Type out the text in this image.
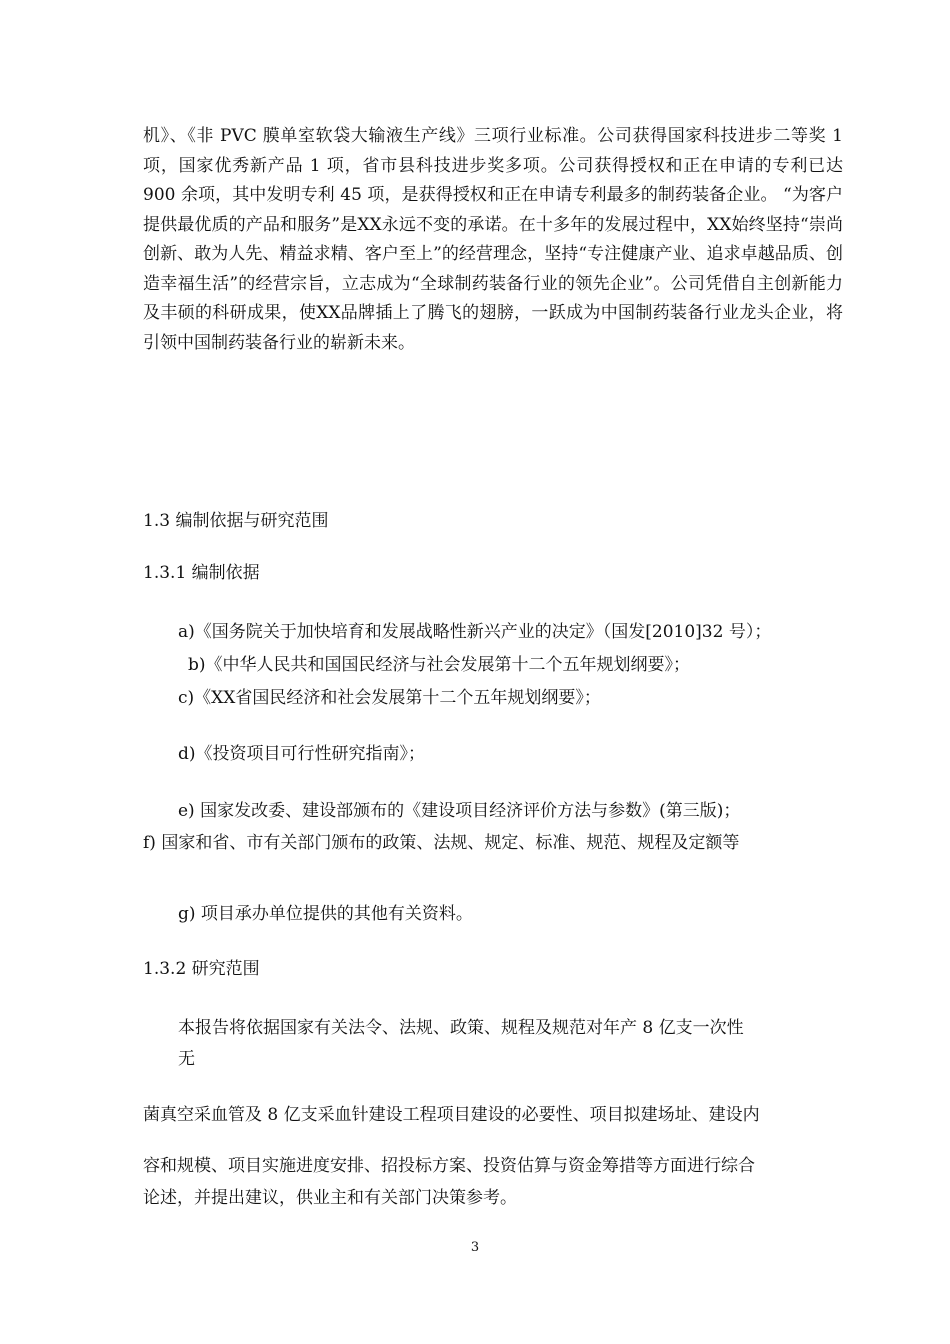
机》、《非 PVC 膜单室软袋大输液生产线》三项行业标准。公司获得国家科技进步二等奖 1 项，国家优秀新产品 1 项，省市县科技进步奖多项。公司获得授权和正在申请的专利已达 900 余项，其中发明专利 45 项，是获得授权和正在申请专利最多的制药装备企业。 “为客户提供最优质的产品和服务”是XX永远不变的承诺。在十多年的发展过程中，XX始终坚持“崇尚创新、敢为人先、精益求精、客户至上”的经营理念，坚持“专注健康产业、追求卓越品质、创造幸福生活”的经营宗旨，立志成为“全球制药装备行业的领先企业”。公司凭借自主创新能力及丰硕的科研成果，使XX品牌插上了腾飞的翅膀，一跃成为中国制药装备行业龙头企业，将引领中国制药装备行业的崭新未来。
1.3 编制依据与研究范围
1.3.1 编制依据
a)《国务院关于加快培育和发展战略性新兴产业的决定》（国发[2010]32 号）；
b)《中华人民共和国国民经济与社会发展第十二个五年规划纲要》；
c)《XX省国民经济和社会发展第十二个五年规划纲要》；
d)《投资项目可行性研究指南》；
e) 国家发改委、建设部颁布的《建设项目经济评价方法与参数》(第三版)；
f) 国家和省、市有关部门颁布的政策、法规、规定、标准、规范、规程及定额等
g) 项目承办单位提供的其他有关资料。
1.3.2 研究范围
本报告将依据国家有关法令、法规、政策、规程及规范对年产 8 亿支一次性
无
菌真空采血管及 8 亿支采血针建设工程项目建设的必要性、项目拟建场址、建设内
容和规模、项目实施进度安排、招投标方案、投资估算与资金筹措等方面进行综合
论述，并提出建议，供业主和有关部门决策参考。
3
